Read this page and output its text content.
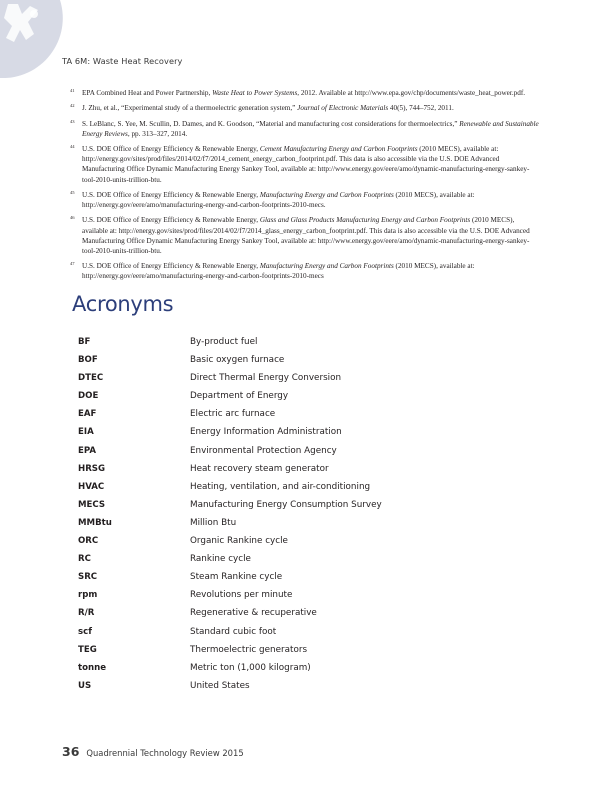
TA 6M: Waste Heat Recovery
41 EPA Combined Heat and Power Partnership, Waste Heat to Power Systems, 2012. Available at http://www.epa.gov/chp/documents/waste_heat_power.pdf.
42 J. Zhu, et al., “Experimental study of a thermoelectric generation system,” Journal of Electronic Materials 40(5), 744–752, 2011.
43 S. LeBlanc, S. Yee, M. Scullin, D. Dames, and K. Goodson, “Material and manufacturing cost considerations for thermoelectrics,” Renewable and Sustainable Energy Reviews, pp. 313–327, 2014.
44 U.S. DOE Office of Energy Efficiency & Renewable Energy, Cement Manufacturing Energy and Carbon Footprints (2010 MECS), available at: http://energy.gov/sites/prod/files/2014/02/f7/2014_cement_energy_carbon_footprint.pdf. This data is also accessible via the U.S. DOE Advanced Manufacturing Office Dynamic Manufacturing Energy Sankey Tool, available at: http://www.energy.gov/eere/amo/dynamic-manufacturing-energy-sankey-tool-2010-units-trillion-btu.
45 U.S. DOE Office of Energy Efficiency & Renewable Energy, Manufacturing Energy and Carbon Footprints (2010 MECS), available at: http://energy.gov/eere/amo/manufacturing-energy-and-carbon-footprints-2010-mecs.
46 U.S. DOE Office of Energy Efficiency & Renewable Energy, Glass and Glass Products Manufacturing Energy and Carbon Footprints (2010 MECS), available at: http://energy.gov/sites/prod/files/2014/02/f7/2014_glass_energy_carbon_footprint.pdf. This data is also accessible via the U.S. DOE Advanced Manufacturing Office Dynamic Manufacturing Energy Sankey Tool, available at: http://www.energy.gov/eere/amo/dynamic-manufacturing-energy-sankey-tool-2010-units-trillion-btu.
47 U.S. DOE Office of Energy Efficiency & Renewable Energy, Manufacturing Energy and Carbon Footprints (2010 MECS), available at: http://energy.gov/eere/amo/manufacturing-energy-and-carbon-footprints-2010-mecs
Acronyms
BF	By-product fuel
BOF	Basic oxygen furnace
DTEC	Direct Thermal Energy Conversion
DOE	Department of Energy
EAF	Electric arc furnace
EIA	Energy Information Administration
EPA	Environmental Protection Agency
HRSG	Heat recovery steam generator
HVAC	Heating, ventilation, and air-conditioning
MECS	Manufacturing Energy Consumption Survey
MMBtu	Million Btu
ORC	Organic Rankine cycle
RC	Rankine cycle
SRC	Steam Rankine cycle
rpm	Revolutions per minute
R/R	Regenerative & recuperative
scf	Standard cubic foot
TEG	Thermoelectric generators
tonne	Metric ton (1,000 kilogram)
US	United States
36 Quadrennial Technology Review 2015
